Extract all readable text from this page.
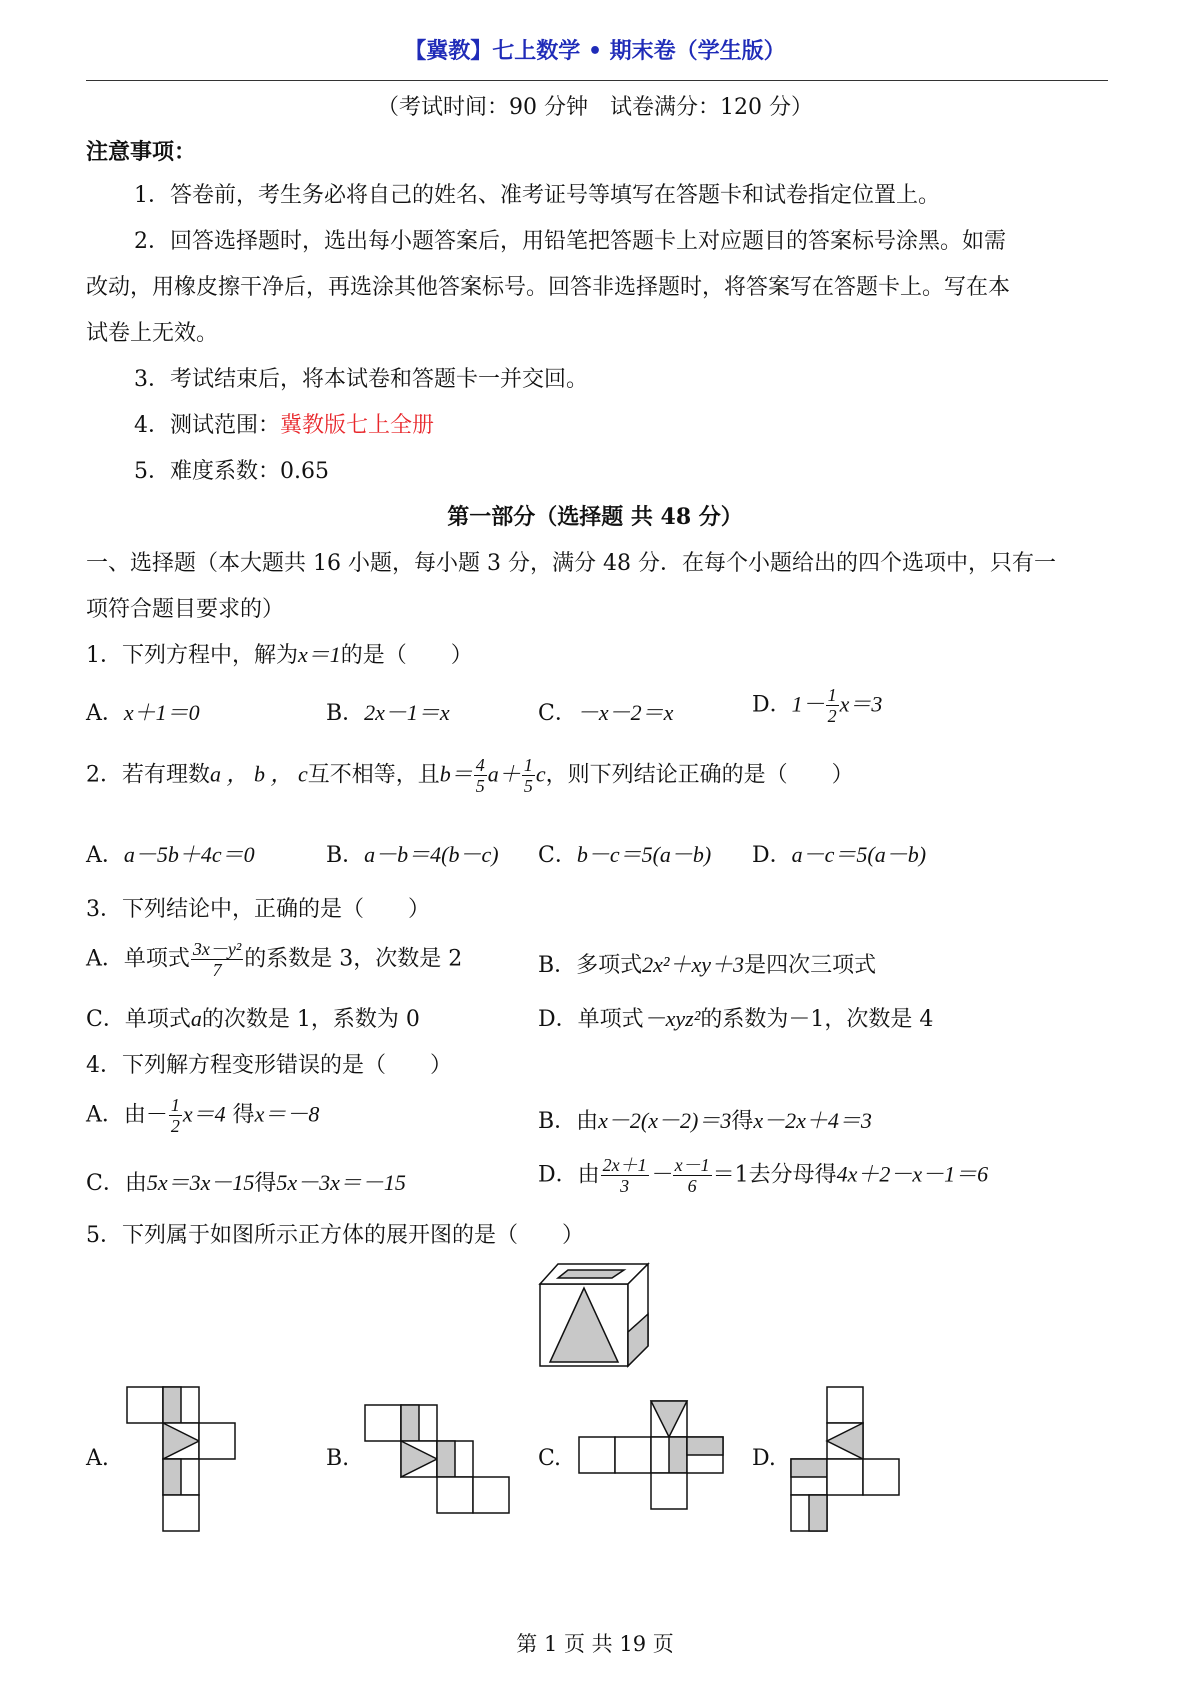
【冀教】七上数学 • 期末卷（学生版）
（考试时间：90 分钟　试卷满分：120 分）
注意事项：
1．答卷前，考生务必将自己的姓名、准考证号等填写在答题卡和试卷指定位置上。
2．回答选择题时，选出每小题答案后，用铅笔把答题卡上对应题目的答案标号涂黑。如需
改动，用橡皮擦干净后，再选涂其他答案标号。回答非选择题时，将答案写在答题卡上。写在本
试卷上无效。
3．考试结束后，将本试卷和答题卡一并交回。
4．测试范围：冀教版七上全册
5．难度系数：0.65
第一部分（选择题 共 48 分）
一、选择题（本大题共 16 小题，每小题 3 分，满分 48 分．在每个小题给出的四个选项中，只有一
项符合题目要求的）
1．下列方程中，解为x＝1的是（　　）
A．x＋1＝0	B．2x－1＝x	C．－x－2＝x	D．$1- \frac{1}{2} x=3$
2．若有理数a ， b ， c互不相等，且$b= \frac{4}{5} a+ \frac{1}{5}$ c，则下列结论正确的是（　　）
A．a－5b＋4c＝0	B．a－b＝4(b－c) C．b－c＝5(a－b) D．a－c＝5(a－b)
3．下列结论中，正确的是（　　）
A．单项式 $\frac{\text{3x－y²}}{7}$ 的系数是 3，次数是 2	B．多项式2x²＋xy＋3是四次三项式
C．单项式a的次数是 1，系数为 0	D．单项式－xyz²的系数为－1，次数是 4
4．下列解方程变形错误的是（　　）
A．由－ $\frac{1}{2} x=4$ 得x＝－8	B．由x－2(x－2)＝3得x－2x＋4＝3
C．由5x＝3x－15得5x－3x＝－15	D．由 $\frac{2x+1}{3} - \frac{x-1}{6} =1$去分母得4x＋2－x－1＝6
5．下列属于如图所示正方体的展开图的是（　　）
A.	B.	C.	D.
第 1 页 共 19 页
